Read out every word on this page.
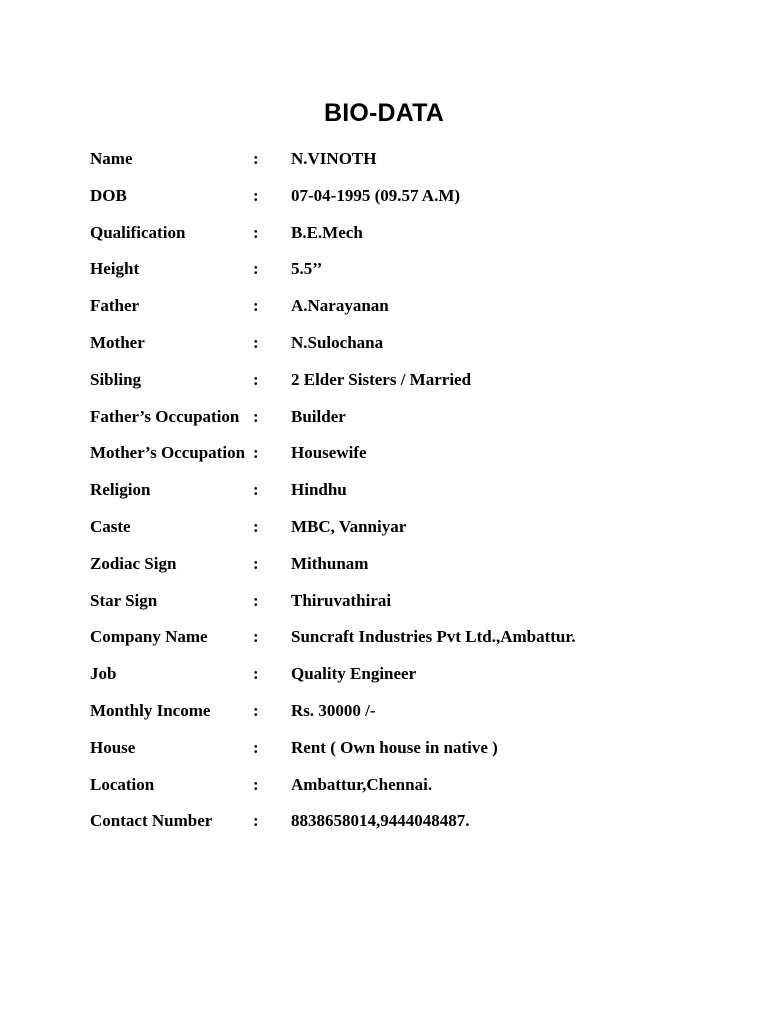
BIO-DATA
Name	: N.VINOTH
DOB	: 07-04-1995 (09.57 A.M)
Qualification	: B.E.Mech
Height	: 5.5’’
Father	: A.Narayanan
Mother	: N.Sulochana
Sibling	: 2 Elder Sisters / Married
Father’s Occupation : Builder
Mother’s Occupation : Housewife
Religion	: Hindhu
Caste	: MBC, Vanniyar
Zodiac Sign	: Mithunam
Star Sign	: Thiruvathirai
Company Name	: Suncraft Industries Pvt Ltd.,Ambattur.
Job	: Quality Engineer
Monthly Income	: Rs. 30000 /-
House	: Rent ( Own house in native )
Location	: Ambattur,Chennai.
Contact Number : 8838658014,9444048487.
